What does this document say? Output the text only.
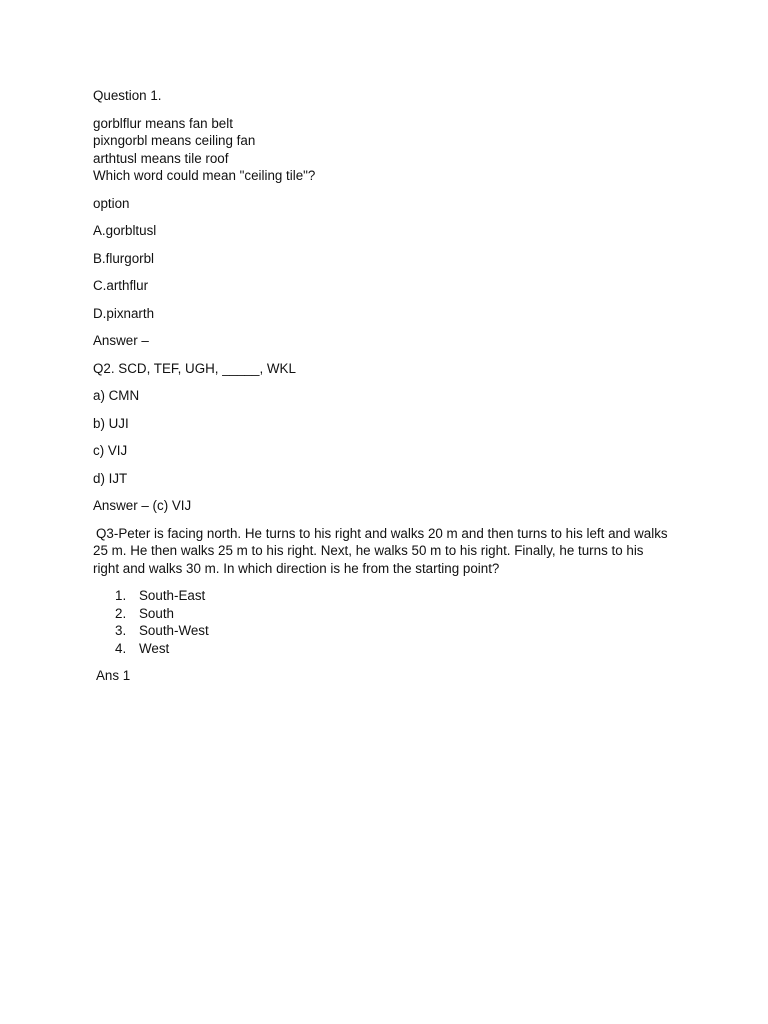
Question 1.

gorblflur means fan belt

pixngorbl means ceiling fan

arthtusl means tile roof

Which word could mean "ceiling tile"?

option

A.gorbltusl

B.flurgorbl

C.arthflur

D.pixnarth

Answer –

Q2. SCD, TEF, UGH, _____, WKL

a) CMN

b) UJI

c) VIJ

d) IJT

Answer – (c) VIJ

Q3-Peter is facing north. He turns to his right and walks 20 m and then turns to his left and walks 25 m. He then walks 25 m to his right. Next, he walks 50 m to his right. Finally, he turns to his right and walks 30 m. In which direction is he from the starting point?

1. South-East
2. South
3. South-West
4. West

Ans 1
